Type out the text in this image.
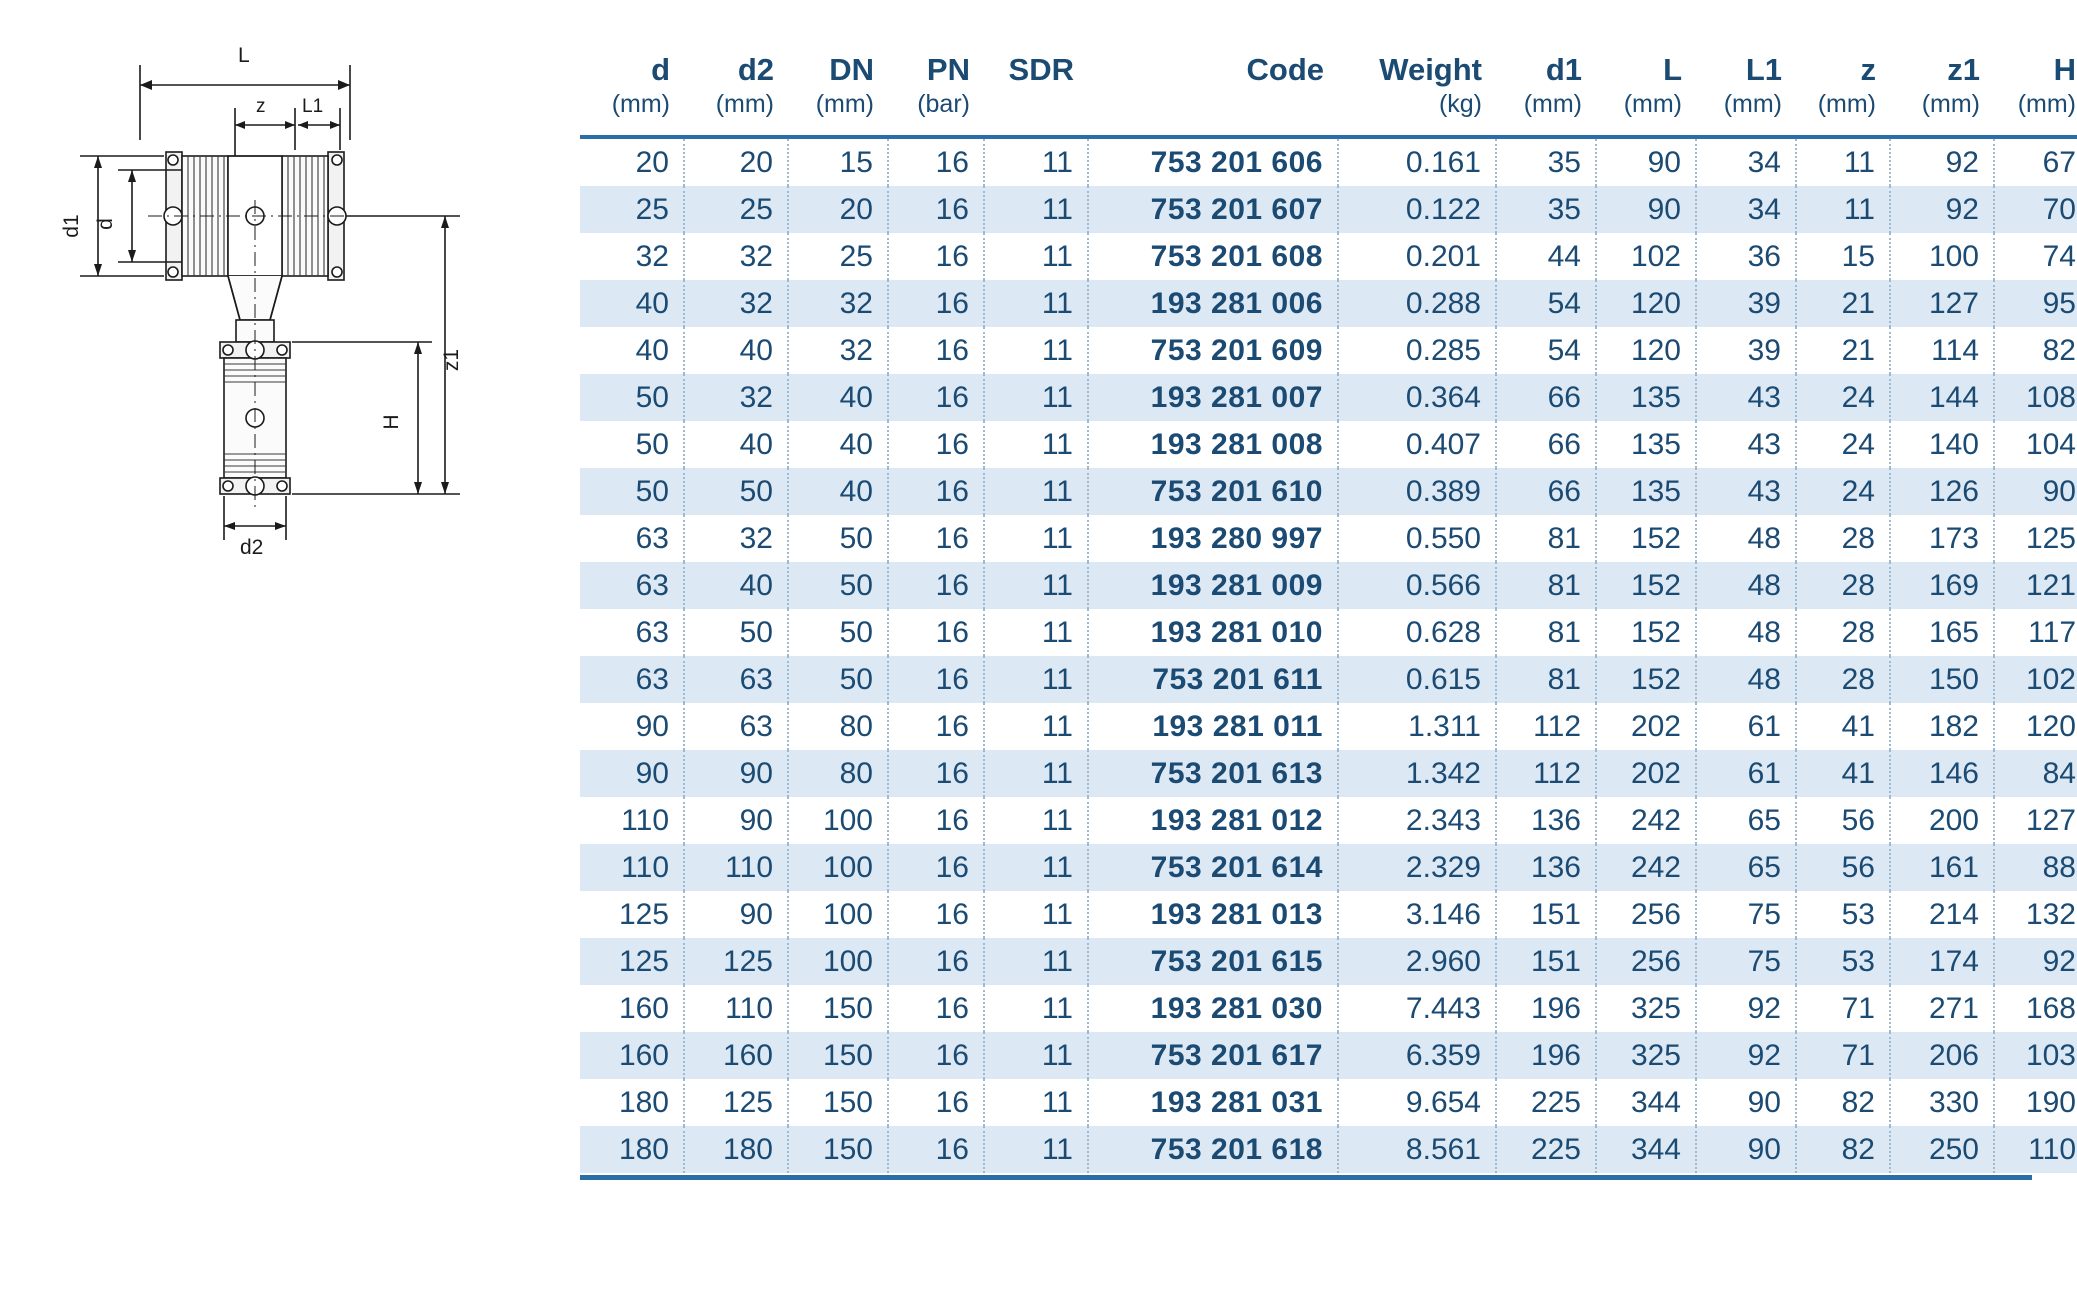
L
z L1
d1 d
z1
H
d2
d	d2	DN	PN	SDR	Code	Weight	d1	L	L1	z	z1	H
(mm)	(mm)	(mm)	(bar)			(kg)	(mm)	(mm)	(mm)	(mm)	(mm)	(mm)
20	20	15	16	11	753 201 606	0.161	35	90	34	11	92	67
25	25	20	16	11	753 201 607	0.122	35	90	34	11	92	70
32	32	25	16	11	753 201 608	0.201	44	102	36	15	100	74
40	32	32	16	11	193 281 006	0.288	54	120	39	21	127	95
40	40	32	16	11	753 201 609	0.285	54	120	39	21	114	82
50	32	40	16	11	193 281 007	0.364	66	135	43	24	144	108
50	40	40	16	11	193 281 008	0.407	66	135	43	24	140	104
50	50	40	16	11	753 201 610	0.389	66	135	43	24	126	90
63	32	50	16	11	193 280 997	0.550	81	152	48	28	173	125
63	40	50	16	11	193 281 009	0.566	81	152	48	28	169	121
63	50	50	16	11	193 281 010	0.628	81	152	48	28	165	117
63	63	50	16	11	753 201 611	0.615	81	152	48	28	150	102
90	63	80	16	11	193 281 011	1.311	112	202	61	41	182	120
90	90	80	16	11	753 201 613	1.342	112	202	61	41	146	84
110	90	100	16	11	193 281 012	2.343	136	242	65	56	200	127
110	110	100	16	11	753 201 614	2.329	136	242	65	56	161	88
125	90	100	16	11	193 281 013	3.146	151	256	75	53	214	132
125	125	100	16	11	753 201 615	2.960	151	256	75	53	174	92
160	110	150	16	11	193 281 030	7.443	196	325	92	71	271	168
160	160	150	16	11	753 201 617	6.359	196	325	92	71	206	103
180	125	150	16	11	193 281 031	9.654	225	344	90	82	330	190
180	180	150	16	11	753 201 618	8.561	225	344	90	82	250	110
